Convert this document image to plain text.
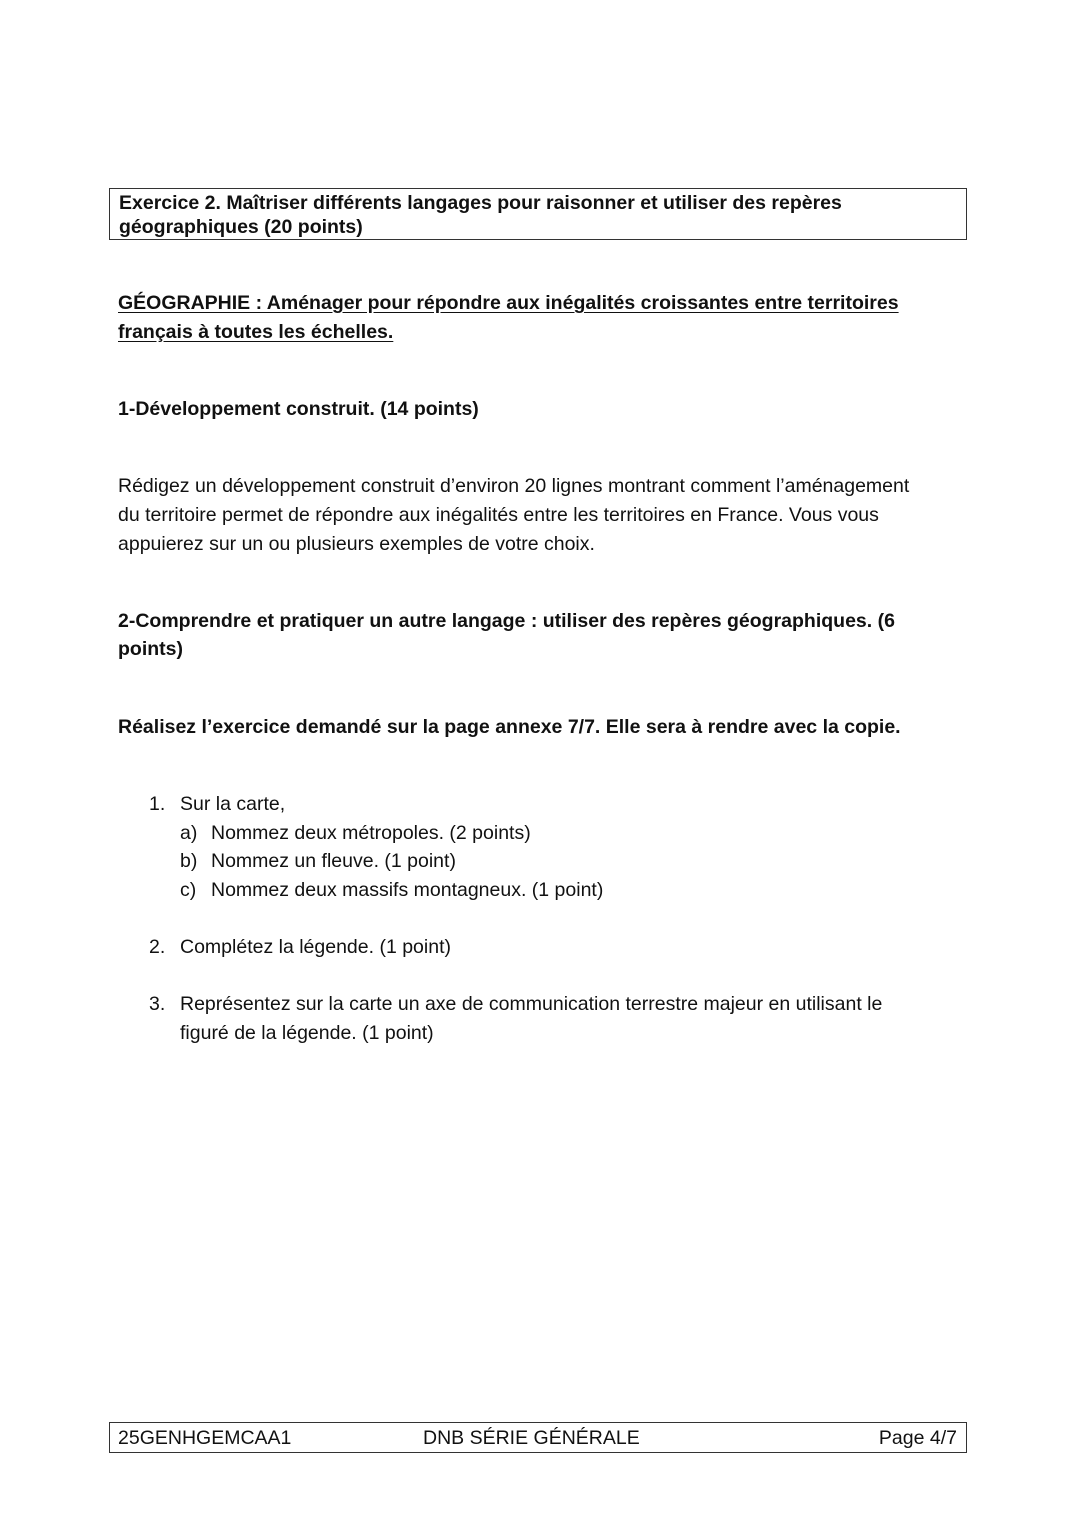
Exercice 2. Maîtriser différents langages pour raisonner et utiliser des repères
géographiques (20 points)
GÉOGRAPHIE : Aménager pour répondre aux inégalités croissantes entre territoires
français à toutes les échelles.
1-Développement construit. (14 points)
Rédigez un développement construit d’environ 20 lignes montrant comment l’aménagement
du territoire permet de répondre aux inégalités entre les territoires en France. Vous vous
appuierez sur un ou plusieurs exemples de votre choix.
2-Comprendre et pratiquer un autre langage : utiliser des repères géographiques. (6
points)
Réalisez l’exercice demandé sur la page annexe 7/7. Elle sera à rendre avec la copie.
1. Sur la carte,
a) Nommez deux métropoles. (2 points)
b) Nommez un fleuve. (1 point)
c) Nommez deux massifs montagneux. (1 point)
2. Complétez la légende. (1 point)
3. Représentez sur la carte un axe de communication terrestre majeur en utilisant le
figuré de la légende. (1 point)
25GENHGEMCAA1	DNB SÉRIE GÉNÉRALE	Page 4/7
